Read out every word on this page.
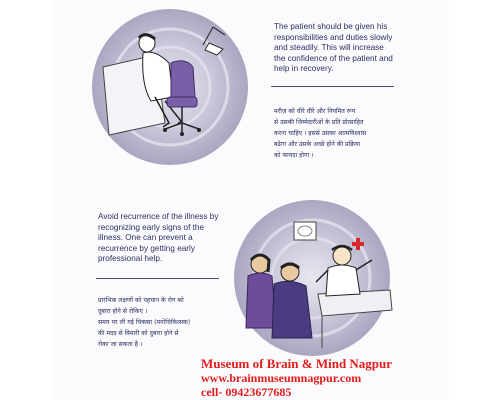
The patient should be given his
responsibilities and duties slowly
and steadily. This will increase
the confidence of the patient and
help in recovery.
मरीज़ को धीरे धीरे और नियमित रूप
से उसकी जिम्मेदारीओं के प्रति प्रोत्साहित
करना चाहिए । इससे उसका आत्मविश्वास
बढेगा और उसके अच्छे होने की प्रक्रिया
को फायदा होगा ।
Avoid recurrence of the illness by
recognizing early signs of the
illness. One can prevent a
recurrence by getting early
professional help.
प्रारंभिक लक्षणों को पहचान के रोग को
दुबारा होने से रोकिए ।
समय पर ली गई चिक्त्सा (मनोचिकित्सक)
की मदद से बिमारी को दुबारा होने से
रोका जा सकता है ।
Museum of Brain & Mind Nagpur
www.brainmuseumnagpur.com
cell- 09423677685
